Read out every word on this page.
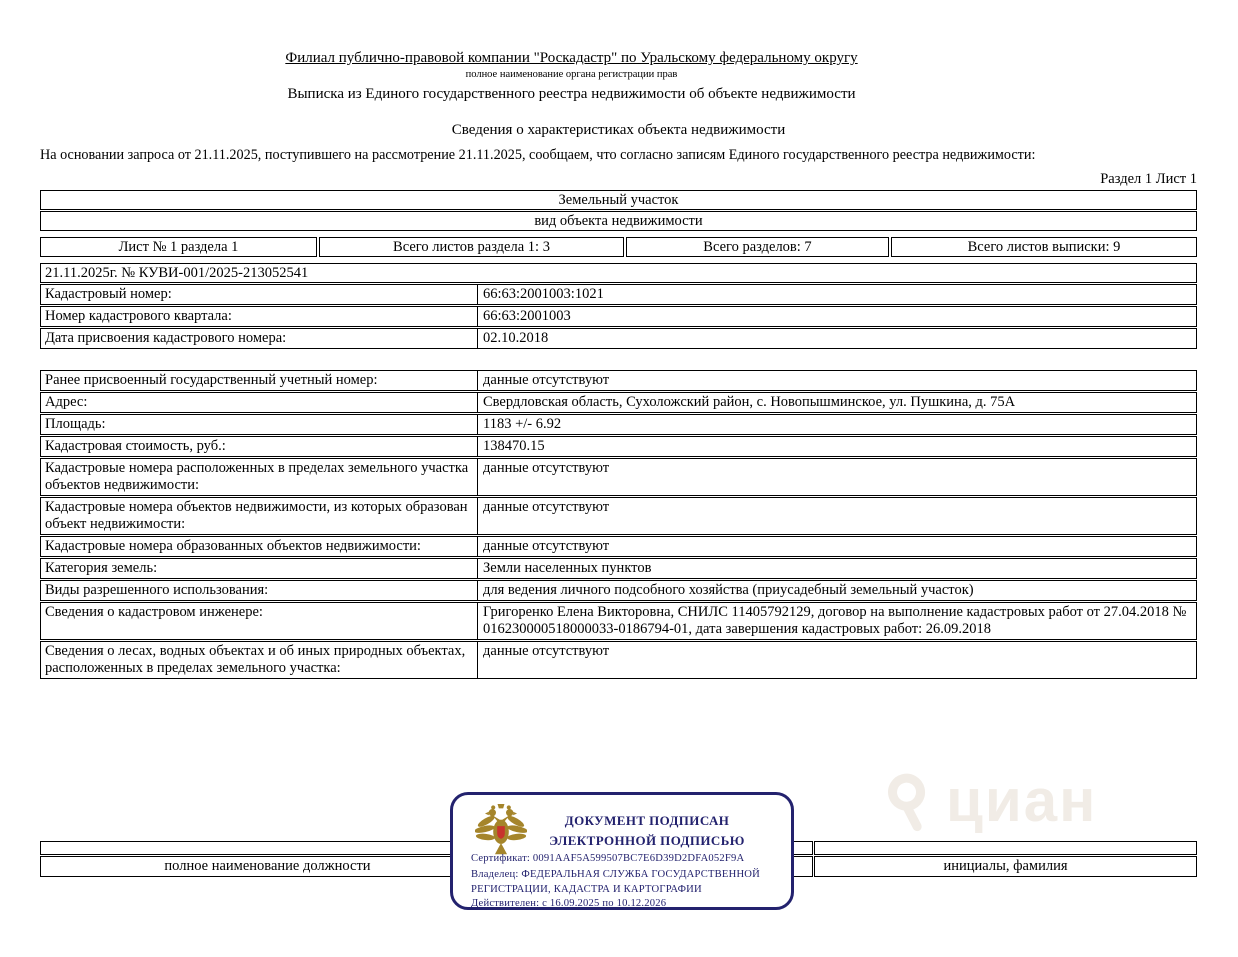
циан
Филиал публично-правовой компании "Роскадастр" по Уральскому федеральному округу
полное наименование органа регистрации прав
Выписка из Единого государственного реестра недвижимости об объекте недвижимости
Сведения о характеристиках объекта недвижимости
На основании запроса от 21.11.2025, поступившего на рассмотрение 21.11.2025, сообщаем, что согласно записям Единого государственного реестра недвижимости:
Раздел 1 Лист 1
Земельный участок
вид объекта недвижимости
Лист № 1 раздела 1	Всего листов раздела 1: 3	Всего разделов: 7	Всего листов выписки: 9
21.11.2025г. № КУВИ-001/2025-213052541
Кадастровый номер:	66:63:2001003:1021
Номер кадастрового квартала:	66:63:2001003
Дата присвоения кадастрового номера:	02.10.2018
Ранее присвоенный государственный учетный номер:	данные отсутствуют
Адрес:	Свердловская область, Сухоложский район, с. Новопышминское, ул. Пушкина, д. 75А
Площадь:	1183 +/- 6.92
Кадастровая стоимость, руб.:	138470.15
Кадастровые номера расположенных в пределах земельного участка объектов недвижимости:
данные отсутствуют
Кадастровые номера объектов недвижимости, из которых образован объект недвижимости:
данные отсутствуют
Кадастровые номера образованных объектов недвижимости:	данные отсутствуют
Категория земель:	Земли населенных пунктов
Виды разрешенного использования:	для ведения личного подсобного хозяйства (приусадебный земельный участок)
Сведения о кадастровом инженере:	Григоренко Елена Викторовна, СНИЛС 11405792129, договор на выполнение кадастровых работ от 27.04.2018 № 016230000518000033-0186794-01, дата завершения кадастровых работ: 26.09.2018
Сведения о лесах, водных объектах и об иных природных объектах, расположенных в пределах земельного участка:
данные отсутствуют
полное наименование должности	инициалы, фамилия
ДОКУМЕНТ ПОДПИСАН
ЭЛЕКТРОННОЙ ПОДПИСЬЮ
Сертификат: 0091AAF5A599507BC7E6D39D2DFA052F9A
Владелец: ФЕДЕРАЛЬНАЯ СЛУЖБА ГОСУДАРСТВЕННОЙ
РЕГИСТРАЦИИ, КАДАСТРА И КАРТОГРАФИИ
Действителен: с 16.09.2025 по 10.12.2026
